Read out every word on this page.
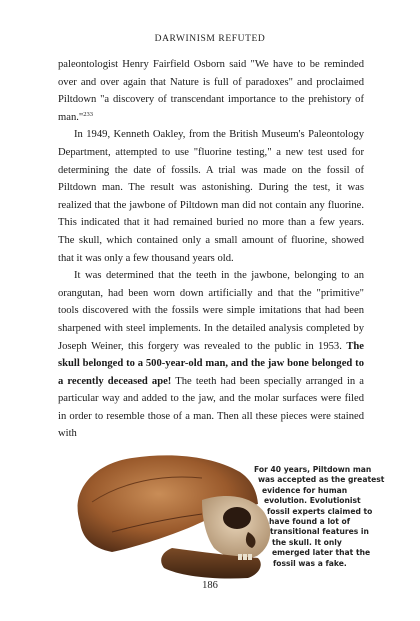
DARWINISM REFUTED

paleontologist Henry Fairfield Osborn said "We have to be reminded over and over again that Nature is full of paradoxes" and proclaimed Piltdown "a discovery of transcendant importance to the prehistory of man."$^{233}$

In 1949, Kenneth Oakley, from the British Museum's Paleontology Department, attempted to use "fluorine testing," a new test used for determining the date of fossils. A trial was made on the fossil of Piltdown man. The result was astonishing. During the test, it was realized that the jawbone of Piltdown man did not contain any fluorine. This indicated that it had remained buried no more than a few years. The skull, which contained only a small amount of fluorine, showed that it was only a few thousand years old.

It was determined that the teeth in the jawbone, belonging to an orangutan, had been worn down artificially and that the "primitive" tools discovered with the fossils were simple imitations that had been sharpened with steel implements. In the detailed analysis completed by Joseph Weiner, this forgery was revealed to the public in 1953. The skull belonged to a 500-year-old man, and the jaw bone belonged to a recently deceased ape! The teeth had been specially arranged in a particular way and added to the jaw, and the molar surfaces were filed in order to resemble those of a man. Then all these pieces were stained with

For 40 years, Piltdown man
was accepted as the greatest
evidence for human
evolution. Evolutionist
fossil experts claimed to
have found a lot of
transitional features in
the skull. It only
emerged later that the
fossil was a fake.
186
